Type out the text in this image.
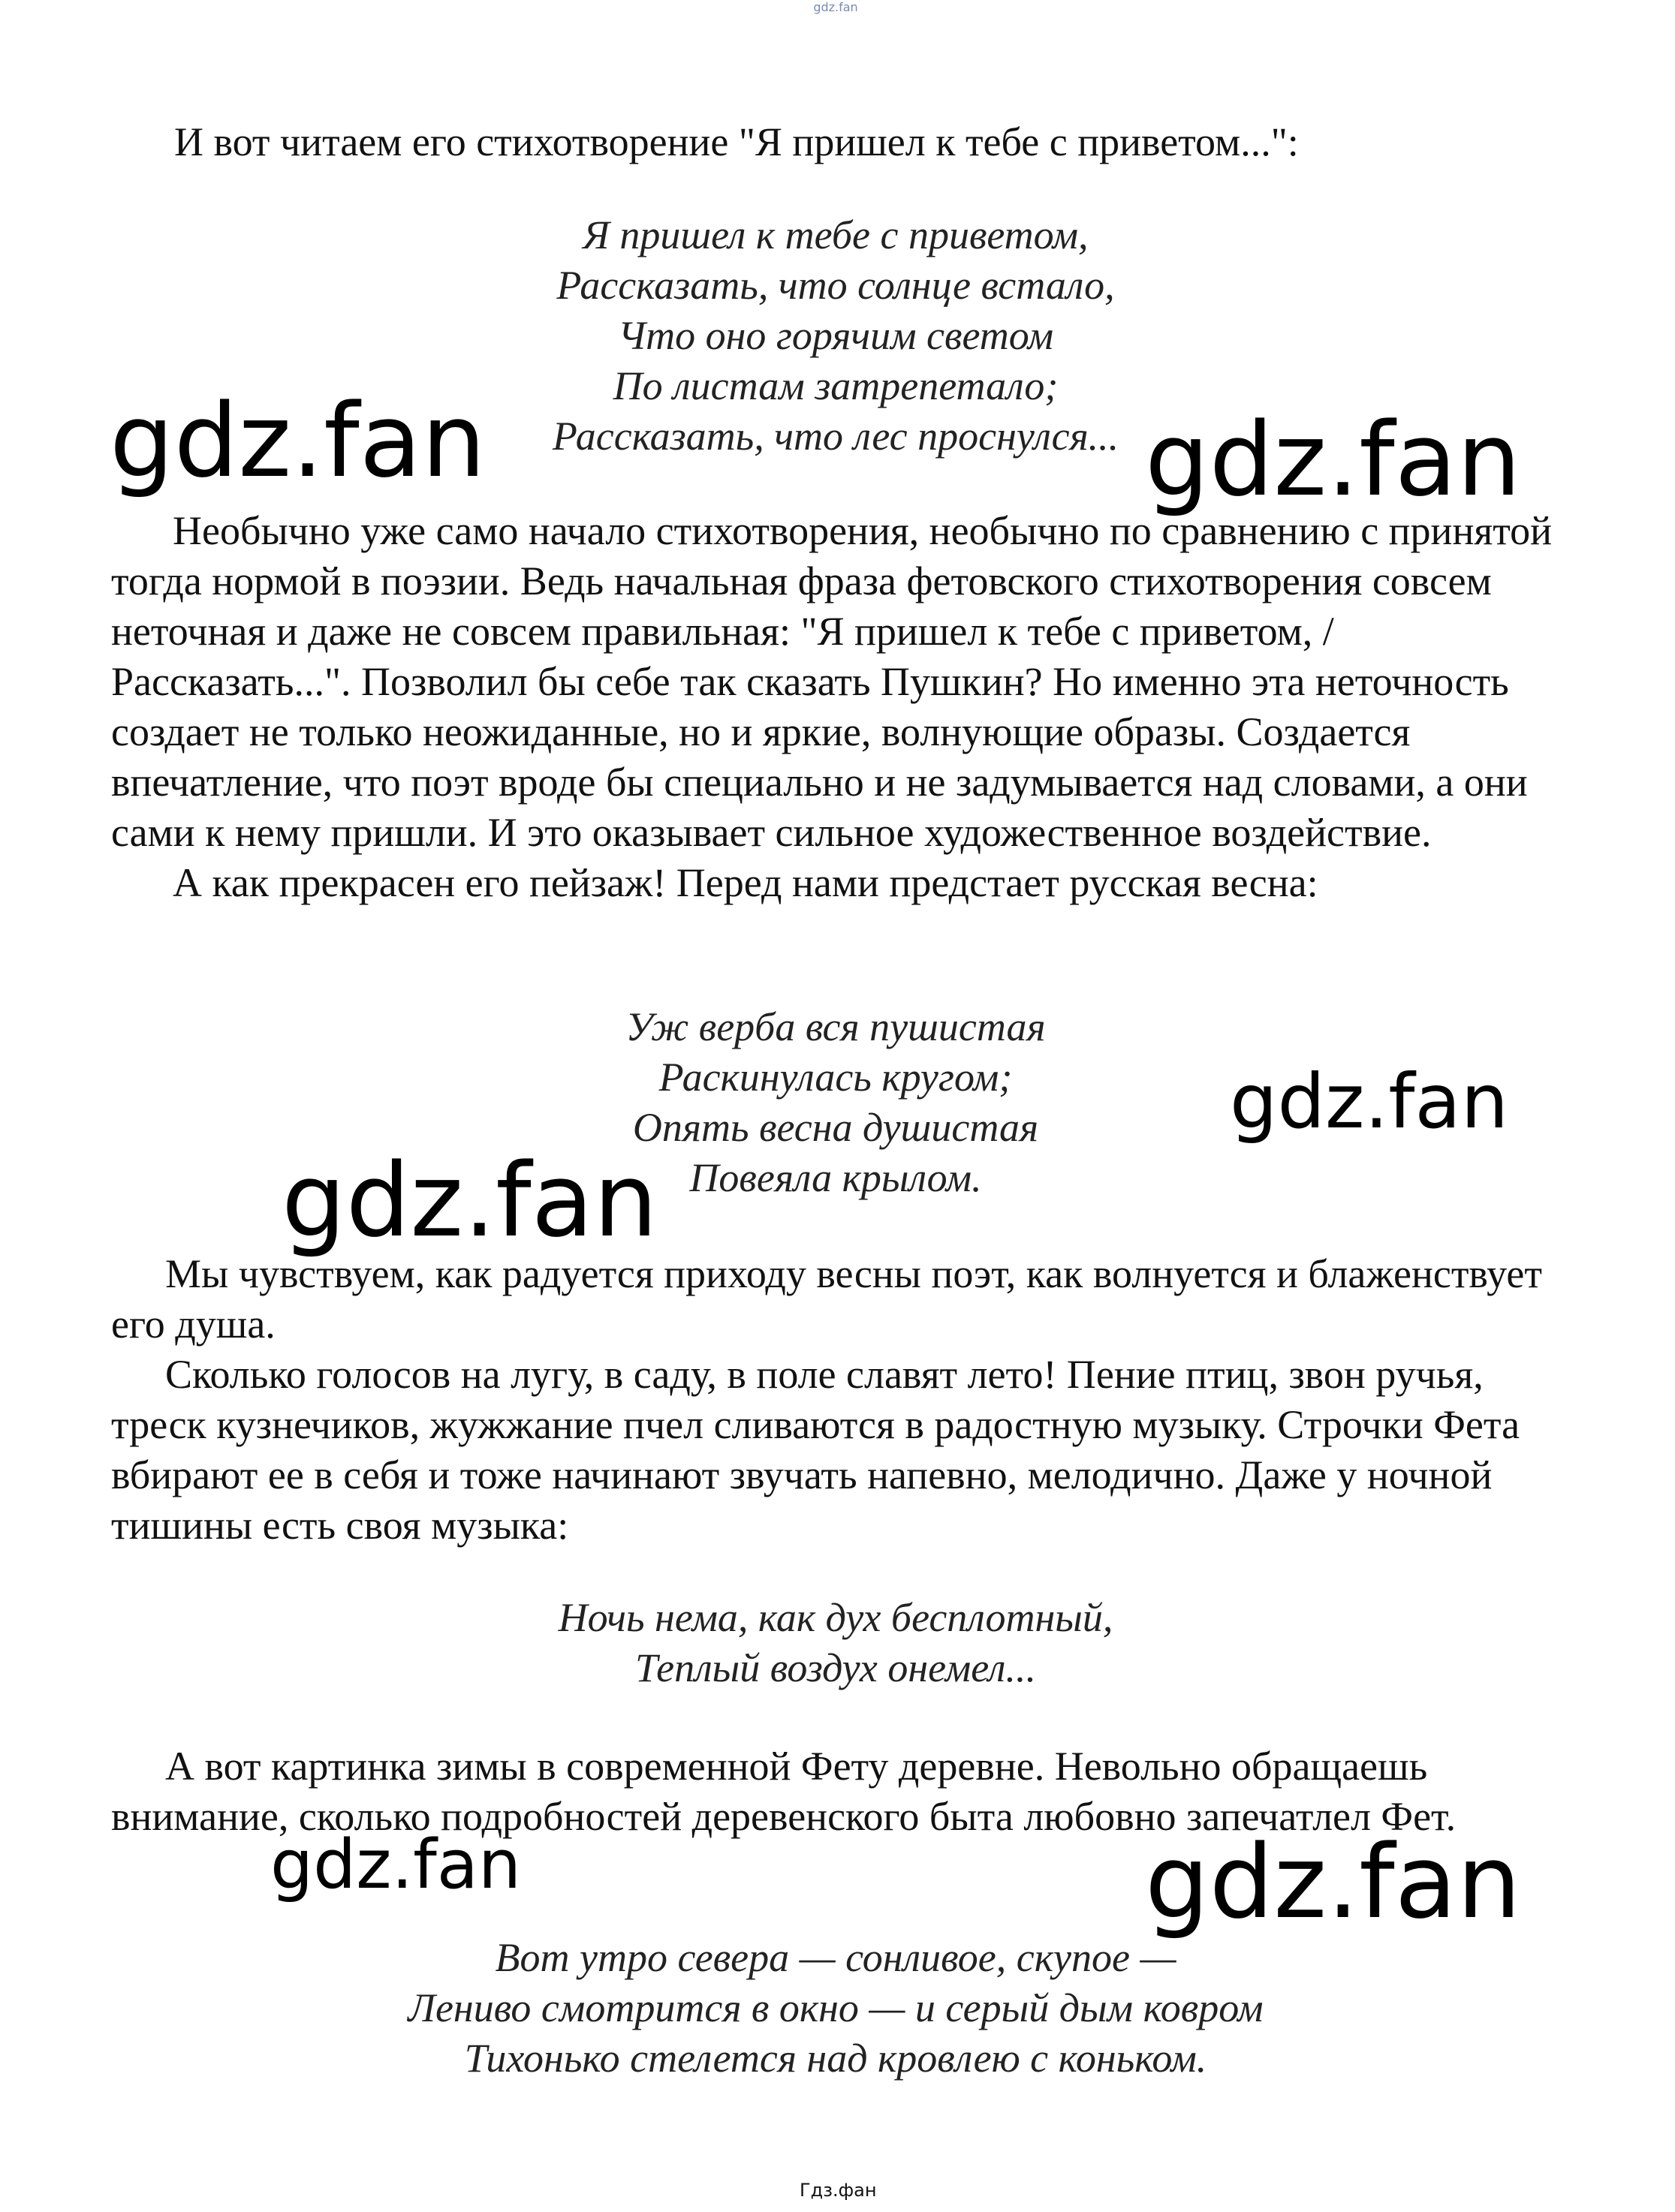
gdz.fan

И вот читаем его стихотворение "Я пришел к тебе с приветом...":

Я пришел к тебе с приветом,
Рассказать, что солнце встало,
Что оно горячим светом
По листам затрепетало;
Рассказать, что лес проснулся...

Необычно уже само начало стихотворения, необычно по сравнению с принятой тогда нормой в поэзии. Ведь начальная фраза фетовского стихотворения совсем неточная и даже не совсем правильная: "Я пришел к тебе с приветом, /Рассказать...". Позволил бы себе так сказать Пушкин? Но именно эта неточность создает не только неожиданные, но и яркие, волнующие образы. Создается впечатление, что поэт вроде бы специально и не задумывается над словами, а они сами к нему пришли. И это оказывает сильное художественное воздействие.

А как прекрасен его пейзаж! Перед нами предстает русская весна:

Уж верба вся пушистая
Раскинулась кругом;
Опять весна душистая
Повеяла крылом.

Мы чувствуем, как радуется приходу весны поэт, как волнуется и блаженствует его душа.

Сколько голосов на лугу, в саду, в поле славят лето! Пение птиц, звон ручья, треск кузнечиков, жужжание пчел сливаются в радостную музыку. Строчки Фета вбирают ее в себя и тоже начинают звучать напевно, мелодично. Даже у ночной тишины есть своя музыка:

Ночь нема, как дух бесплотный,
Теплый воздух онемел...

А вот картинка зимы в современной Фету деревне. Невольно обращаешь внимание, сколько подробностей деревенского быта любовно запечатлел Фет.

Вот утро севера — сонливое, скупое —
Лениво смотрится в окно — и серый дым ковром
Тихонько стелется над кровлею с коньком.
gdz.fan	gdz.fan
gdz.fan
gdz.fan
gdz.fan	gdz.fan
Гдз.фан
